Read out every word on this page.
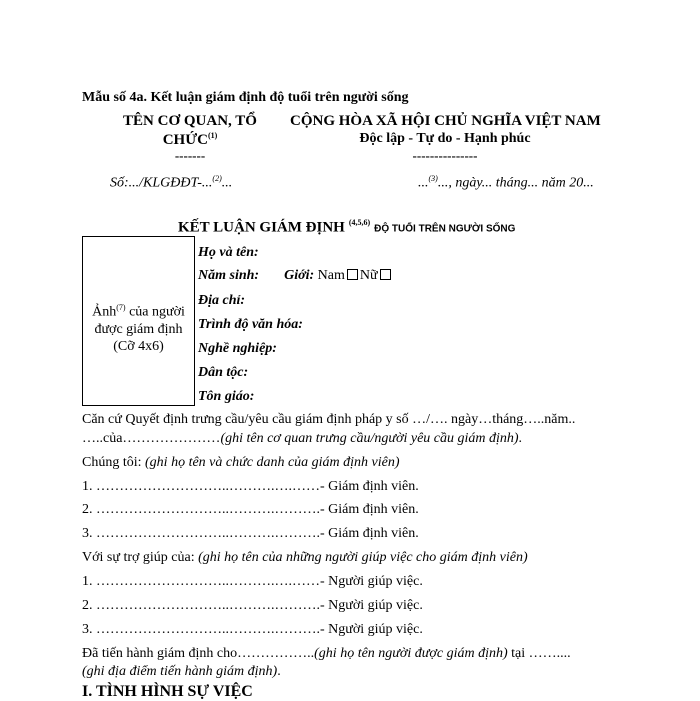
Mẫu số 4a. Kết luận giám định độ tuổi trên người sống
TÊN CƠ QUAN, TỔ
CHỨC$^{(1)}$
-------
Số:.../KLGĐĐT-...$^{(2)}$...
CỘNG HÒA XÃ HỘI CHỦ NGHĨA VIỆT NAM
Độc lập - Tự do - Hạnh phúc
---------------
...$^{(3)}$..., ngày... tháng... năm 20...
KẾT LUẬN GIÁM ĐỊNH $^{(4,5,6)}$ ĐỘ TUỔI TRÊN NGƯỜI SỐNG
Ảnh$^{(7)}$ của người
được giám định
(Cỡ 4x6)
Họ và tên:
Năm sinh: Giới: Nam Nữ
Địa chỉ:
Trình độ văn hóa:
Nghề nghiệp:
Dân tộc:
Tôn giáo:
Căn cứ Quyết định trưng cầu/yêu cầu giám định pháp y số …/…. ngày…tháng…..năm..
…..của…………………(ghi tên cơ quan trưng cầu/người yêu cầu giám định).
Chúng tôi: (ghi họ tên và chức danh của giám định viên)
1. ………………………..……….….……- Giám định viên.
2. ………………………..……….……….- Giám định viên.
3. ………………………..……….……….- Giám định viên.
Với sự trợ giúp của: (ghi họ tên của những người giúp việc cho giám định viên)
1. ………………………..……….….……- Người giúp việc.
2. ………………………..……….……….- Người giúp việc.
3. ………………………..……….……….- Người giúp việc.
Đã tiến hành giám định cho……………..(ghi họ tên người được giám định) tại ……....
(ghi địa điểm tiến hành giám định).
I. TÌNH HÌNH SỰ VIỆC
